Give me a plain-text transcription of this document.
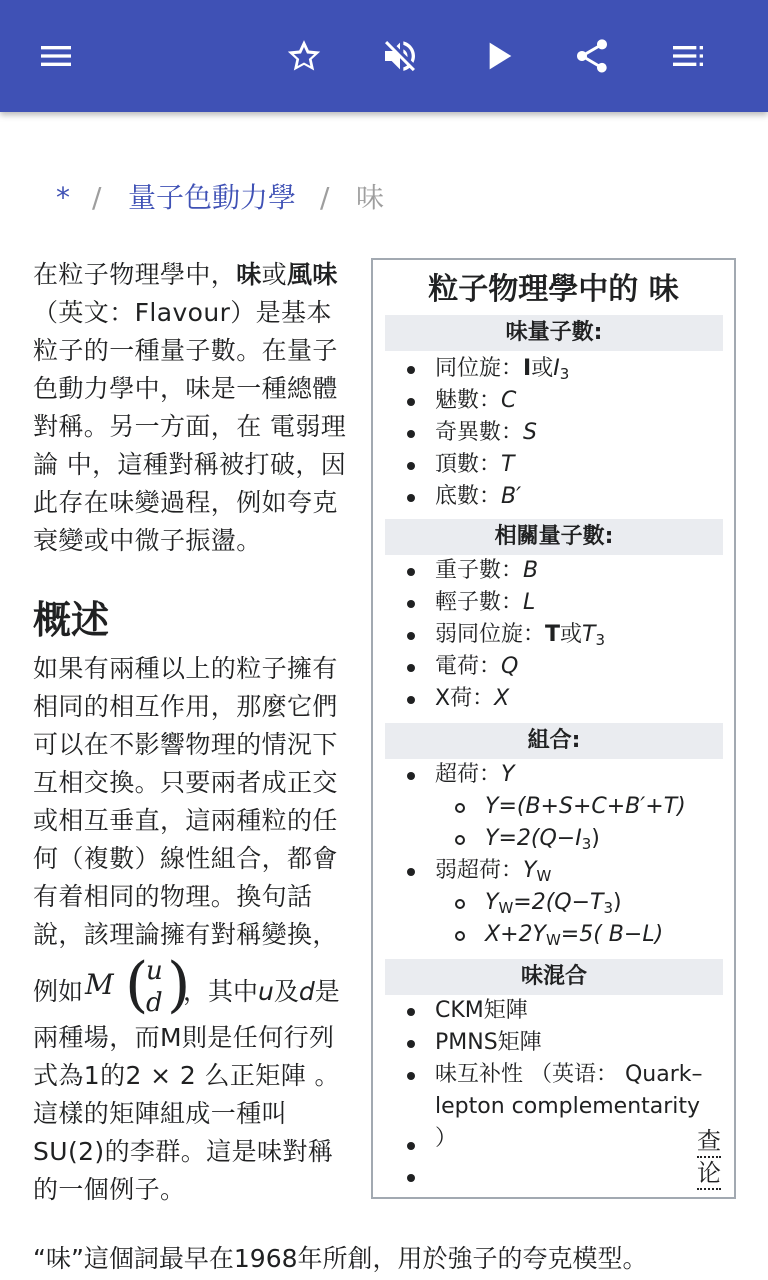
* / 量子色動力學 / 味
在粒子物理學中，味或風味（英文：Flavour）是基本粒子的一種量子數。在量子色動力學中，味是一種總體對稱。另一方面，在 電弱理論 中，這種對稱被打破，因此存在味變過程，例如夸克衰變或中微子振盪。
概述
如果有兩種以上的粒子擁有相同的相互作用，那麼它們可以在不影響物理的情況下互相交換。只要兩者成正交或相互垂直，這兩種粒的任何（複數）線性組合，都會有着相同的物理。換句話說，該理論擁有對稱變換，
例如 M (
u
d )
，其中u及d是
兩種場，而M則是任何行列式為1的2 × 2 么正矩陣 。這樣的矩陣組成一種叫SU(2)的李群。這是味對稱的一個例子。
“味”這個詞最早在1968年所創，用於強子的夸克模型。
粒子物理學中的 味
味量子數:
同位旋：I或$I_3$
魅數：C
奇異數：S
頂數：T
底數：B′
相關量子數:
重子數：B
輕子數：L
弱同位旋：T或$T_3$
電荷：Q
X荷：X
組合:
超荷：Y
Y=(B+S+C+B′+T)
$Y=2(Q-I_3)$
弱超荷：$Y_W$
$Y_W=2(Q-T_3)$
$X+2Y_W=5$( B−L)
味混合
CKM矩陣
PMNS矩陣
味互补性 （英语： Quark–lepton complementarity ）	查
论
